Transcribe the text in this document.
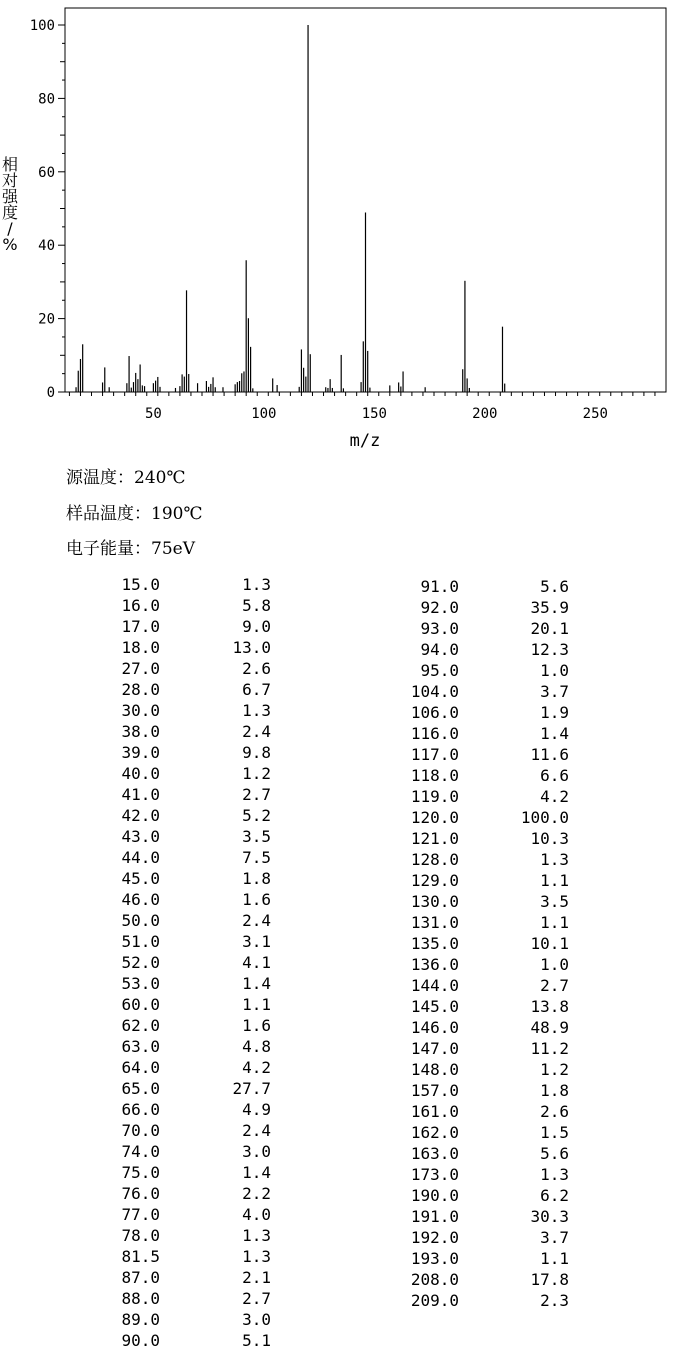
50	100	150	200	250
0
20
40
60
80
100
m/z
相对强度/ %
源温度：240℃
样品温度：190℃
电子能量：75eV
15.0	1.3
16.0	5.8
17.0	9.0
18.0	13.0
27.0	2.6
28.0	6.7
30.0	1.3
38.0	2.4
39.0	9.8
40.0	1.2
41.0	2.7
42.0	5.2
43.0	3.5
44.0	7.5
45.0	1.8
46.0	1.6
50.0	2.4
51.0	3.1
52.0	4.1
53.0	1.4
60.0	1.1
62.0	1.6
63.0	4.8
64.0	4.2
65.0	27.7
66.0	4.9
70.0	2.4
74.0	3.0
75.0	1.4
76.0	2.2
77.0	4.0
78.0	1.3
81.5	1.3
87.0	2.1
88.0	2.7
89.0	3.0
90.0	5.1
91.0	5.6
92.0	35.9
93.0	20.1
94.0	12.3
95.0	1.0
104.0	3.7
106.0	1.9
116.0	1.4
117.0	11.6
118.0	6.6
119.0	4.2
120.0	100.0
121.0	10.3
128.0	1.3
129.0	1.1
130.0	3.5
131.0	1.1
135.0	10.1
136.0	1.0
144.0	2.7
145.0	13.8
146.0	48.9
147.0	11.2
148.0	1.2
157.0	1.8
161.0	2.6
162.0	1.5
163.0	5.6
173.0	1.3
190.0	6.2
191.0	30.3
192.0	3.7
193.0	1.1
208.0	17.8
209.0	2.3
